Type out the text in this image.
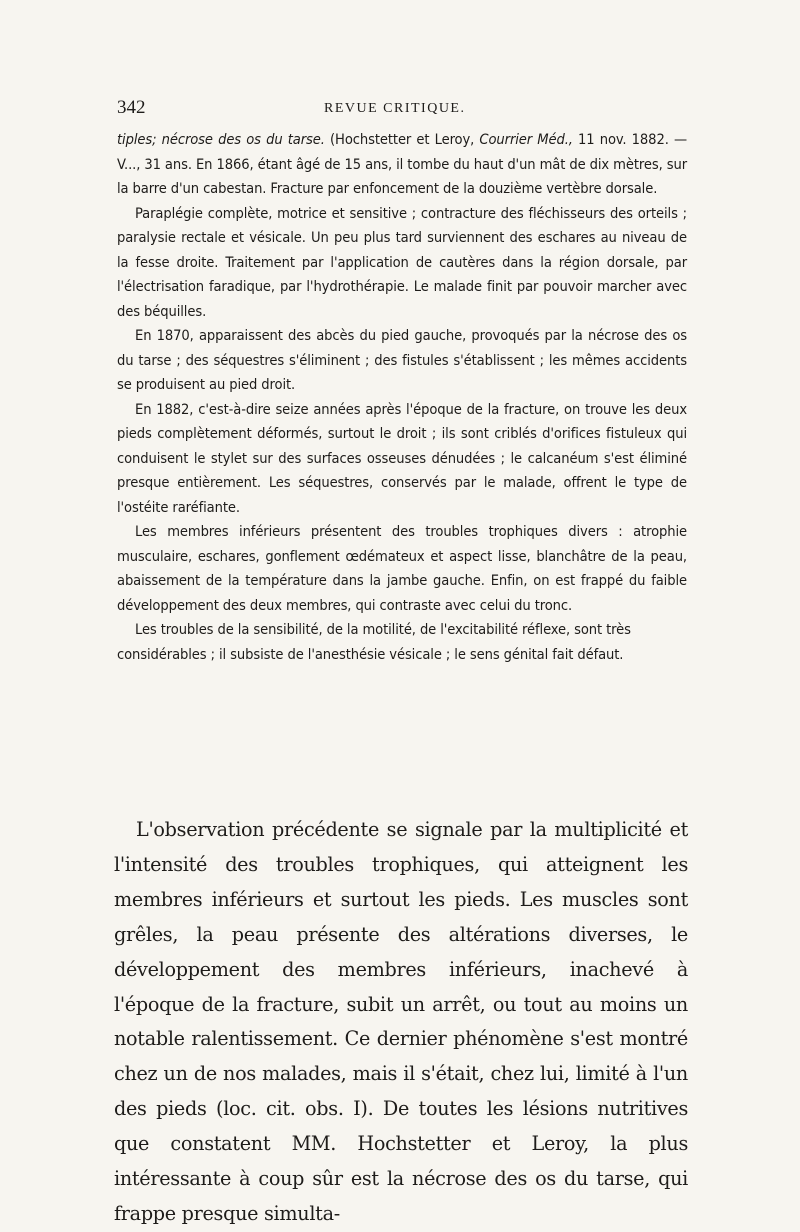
342	REVUE CRITIQUE.

tiples; nécrose des os du tarse. (Hochstetter et Leroy, Courrier Méd., 11 nov. 1882. — V..., 31 ans. En 1866, étant âgé de 15 ans, il tombe du haut d'un mât de dix mètres, sur la barre d'un cabestan. Fracture par enfoncement de la douzième vertèbre dorsale.

Paraplégie complète, motrice et sensitive ; contracture des fléchisseurs des orteils ; paralysie rectale et vésicale. Un peu plus tard surviennent des eschares au niveau de la fesse droite. Traitement par l'application de cautères dans la région dorsale, par l'électrisation faradique, par l'hydrothérapie. Le malade finit par pouvoir marcher avec des béquilles.

En 1870, apparaissent des abcès du pied gauche, provoqués par la nécrose des os du tarse ; des séquestres s'éliminent ; des fistules s'établissent ; les mêmes accidents se produisent au pied droit.

En 1882, c'est-à-dire seize années après l'époque de la fracture, on trouve les deux pieds complètement déformés, surtout le droit ; ils sont criblés d'orifices fistuleux qui conduisent le stylet sur des surfaces osseuses dénudées ; le calcanéum s'est éliminé presque entièrement. Les séquestres, conservés par le malade, offrent le type de l'ostéite raréfiante.

Les membres inférieurs présentent des troubles trophiques divers : atrophie musculaire, eschares, gonflement œdémateux et aspect lisse, blanchâtre de la peau, abaissement de la température dans la jambe gauche. Enfin, on est frappé du faible développement des deux membres, qui contraste avec celui du tronc.

Les troubles de la sensibilité, de la motilité, de l'excitabilité réflexe, sont très considérables ; il subsiste de l'anesthésie vésicale ; le sens génital fait défaut.

L'observation précédente se signale par la multiplicité et l'intensité des troubles trophiques, qui atteignent les membres inférieurs et surtout les pieds. Les muscles sont grêles, la peau présente des altérations diverses, le développement des membres inférieurs, inachevé à l'époque de la fracture, subit un arrêt, ou tout au moins un notable ralentissement. Ce dernier phénomène s'est montré chez un de nos malades, mais il s'était, chez lui, limité à l'un des pieds (loc. cit. obs. I). De toutes les lésions nutritives que constatent MM. Hochstetter et Leroy, la plus intéressante à coup sûr est la nécrose des os du tarse, qui frappe presque simulta-
